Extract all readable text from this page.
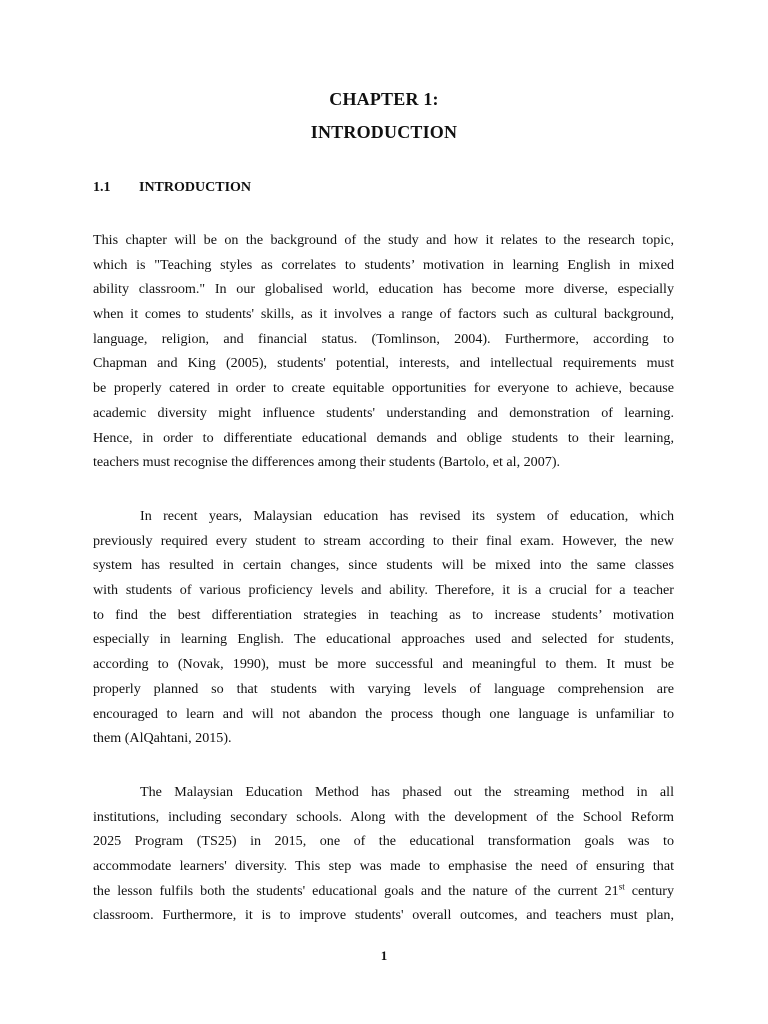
CHAPTER 1:
INTRODUCTION
1.1	INTRODUCTION
This chapter will be on the background of the study and how it relates to the research topic,
which is "Teaching styles as correlates to students’ motivation in learning English in mixed
ability classroom." In our globalised world, education has become more diverse, especially
when it comes to students' skills, as it involves a range of factors such as cultural background,
language, religion, and financial status. (Tomlinson, 2004). Furthermore, according to
Chapman and King (2005), students' potential, interests, and intellectual requirements must
be properly catered in order to create equitable opportunities for everyone to achieve, because
academic diversity might influence students' understanding and demonstration of learning.
Hence, in order to differentiate educational demands and oblige students to their learning,
teachers must recognise the differences among their students (Bartolo, et al, 2007).
In recent years, Malaysian education has revised its system of education, which
previously required every student to stream according to their final exam. However, the new
system has resulted in certain changes, since students will be mixed into the same classes
with students of various proficiency levels and ability. Therefore, it is a crucial for a teacher
to find the best differentiation strategies in teaching as to increase students’ motivation
especially in learning English. The educational approaches used and selected for students,
according to (Novak, 1990), must be more successful and meaningful to them. It must be
properly planned so that students with varying levels of language comprehension are
encouraged to learn and will not abandon the process though one language is unfamiliar to
them (AlQahtani, 2015).
The Malaysian Education Method has phased out the streaming method in all
institutions, including secondary schools. Along with the development of the School Reform
2025 Program (TS25) in 2015, one of the educational transformation goals was to
accommodate learners' diversity. This step was made to emphasise the need of ensuring that
the lesson fulfils both the students' educational goals and the nature of the current 21st century
classroom. Furthermore, it is to improve students' overall outcomes, and teachers must plan,
1
